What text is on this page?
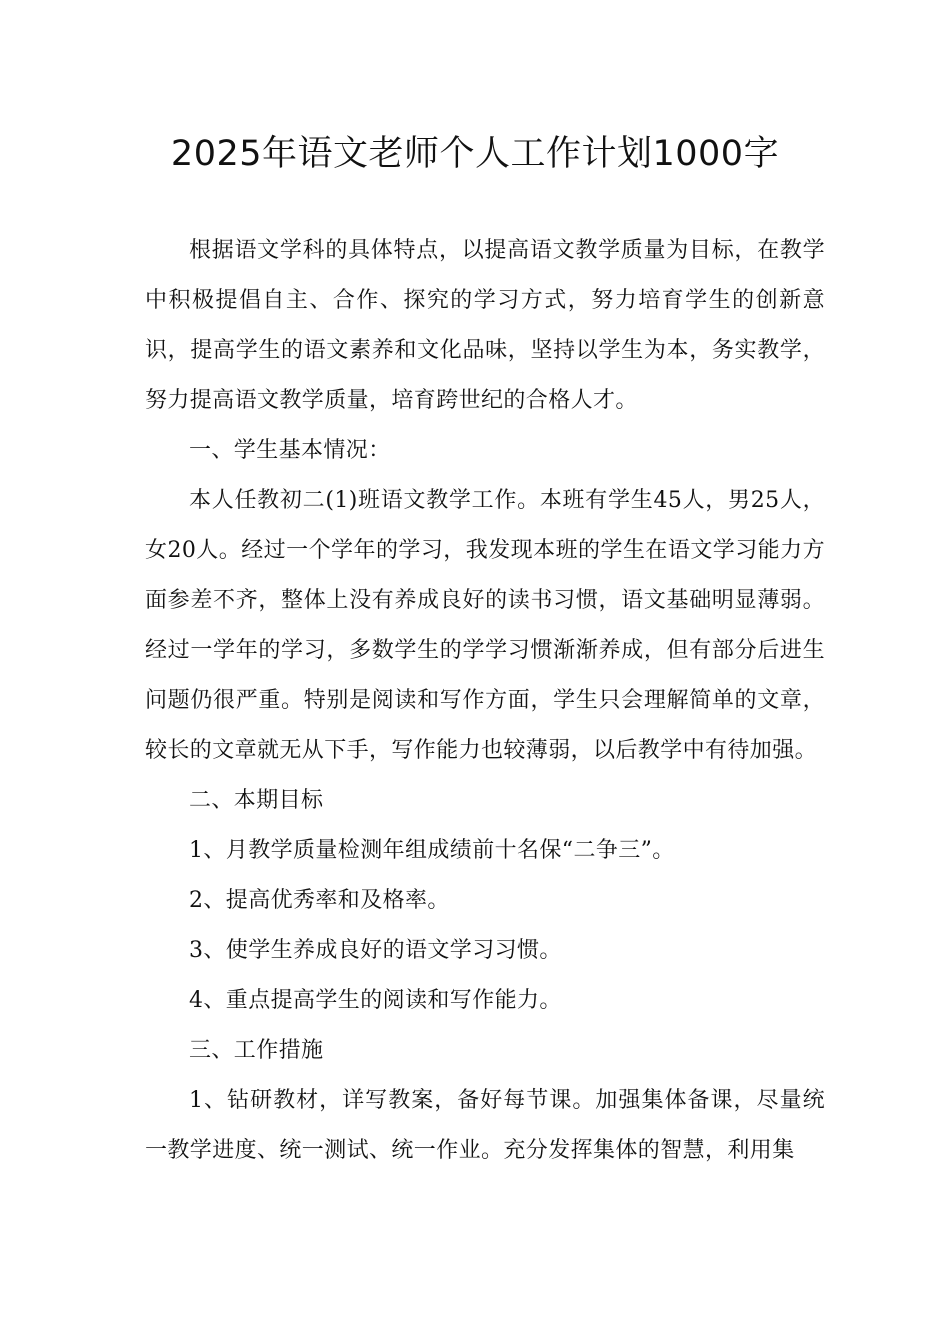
2025年语文老师个人工作计划1000字

根据语文学科的具体特点，以提高语文教学质量为目标，在教学中积极提倡自主、合作、探究的学习方式，努力培育学生的创新意识，提高学生的语文素养和文化品味，坚持以学生为本，务实教学，努力提高语文教学质量，培育跨世纪的合格人才。

一、学生基本情况：

本人任教初二(1)班语文教学工作。本班有学生45人，男25人，女20人。经过一个学年的学习，我发现本班的学生在语文学习能力方面参差不齐，整体上没有养成良好的读书习惯，语文基础明显薄弱。经过一学年的学习，多数学生的学学习惯渐渐养成，但有部分后进生问题仍很严重。特别是阅读和写作方面，学生只会理解简单的文章，较长的文章就无从下手，写作能力也较薄弱，以后教学中有待加强。

二、本期目标

1、月教学质量检测年组成绩前十名保“二争三”。

2、提高优秀率和及格率。

3、使学生养成良好的语文学习习惯。

4、重点提高学生的阅读和写作能力。

三、工作措施

1、钻研教材，详写教案，备好每节课。加强集体备课，尽量统一教学进度、统一测试、统一作业。充分发挥集体的智慧，利用集
